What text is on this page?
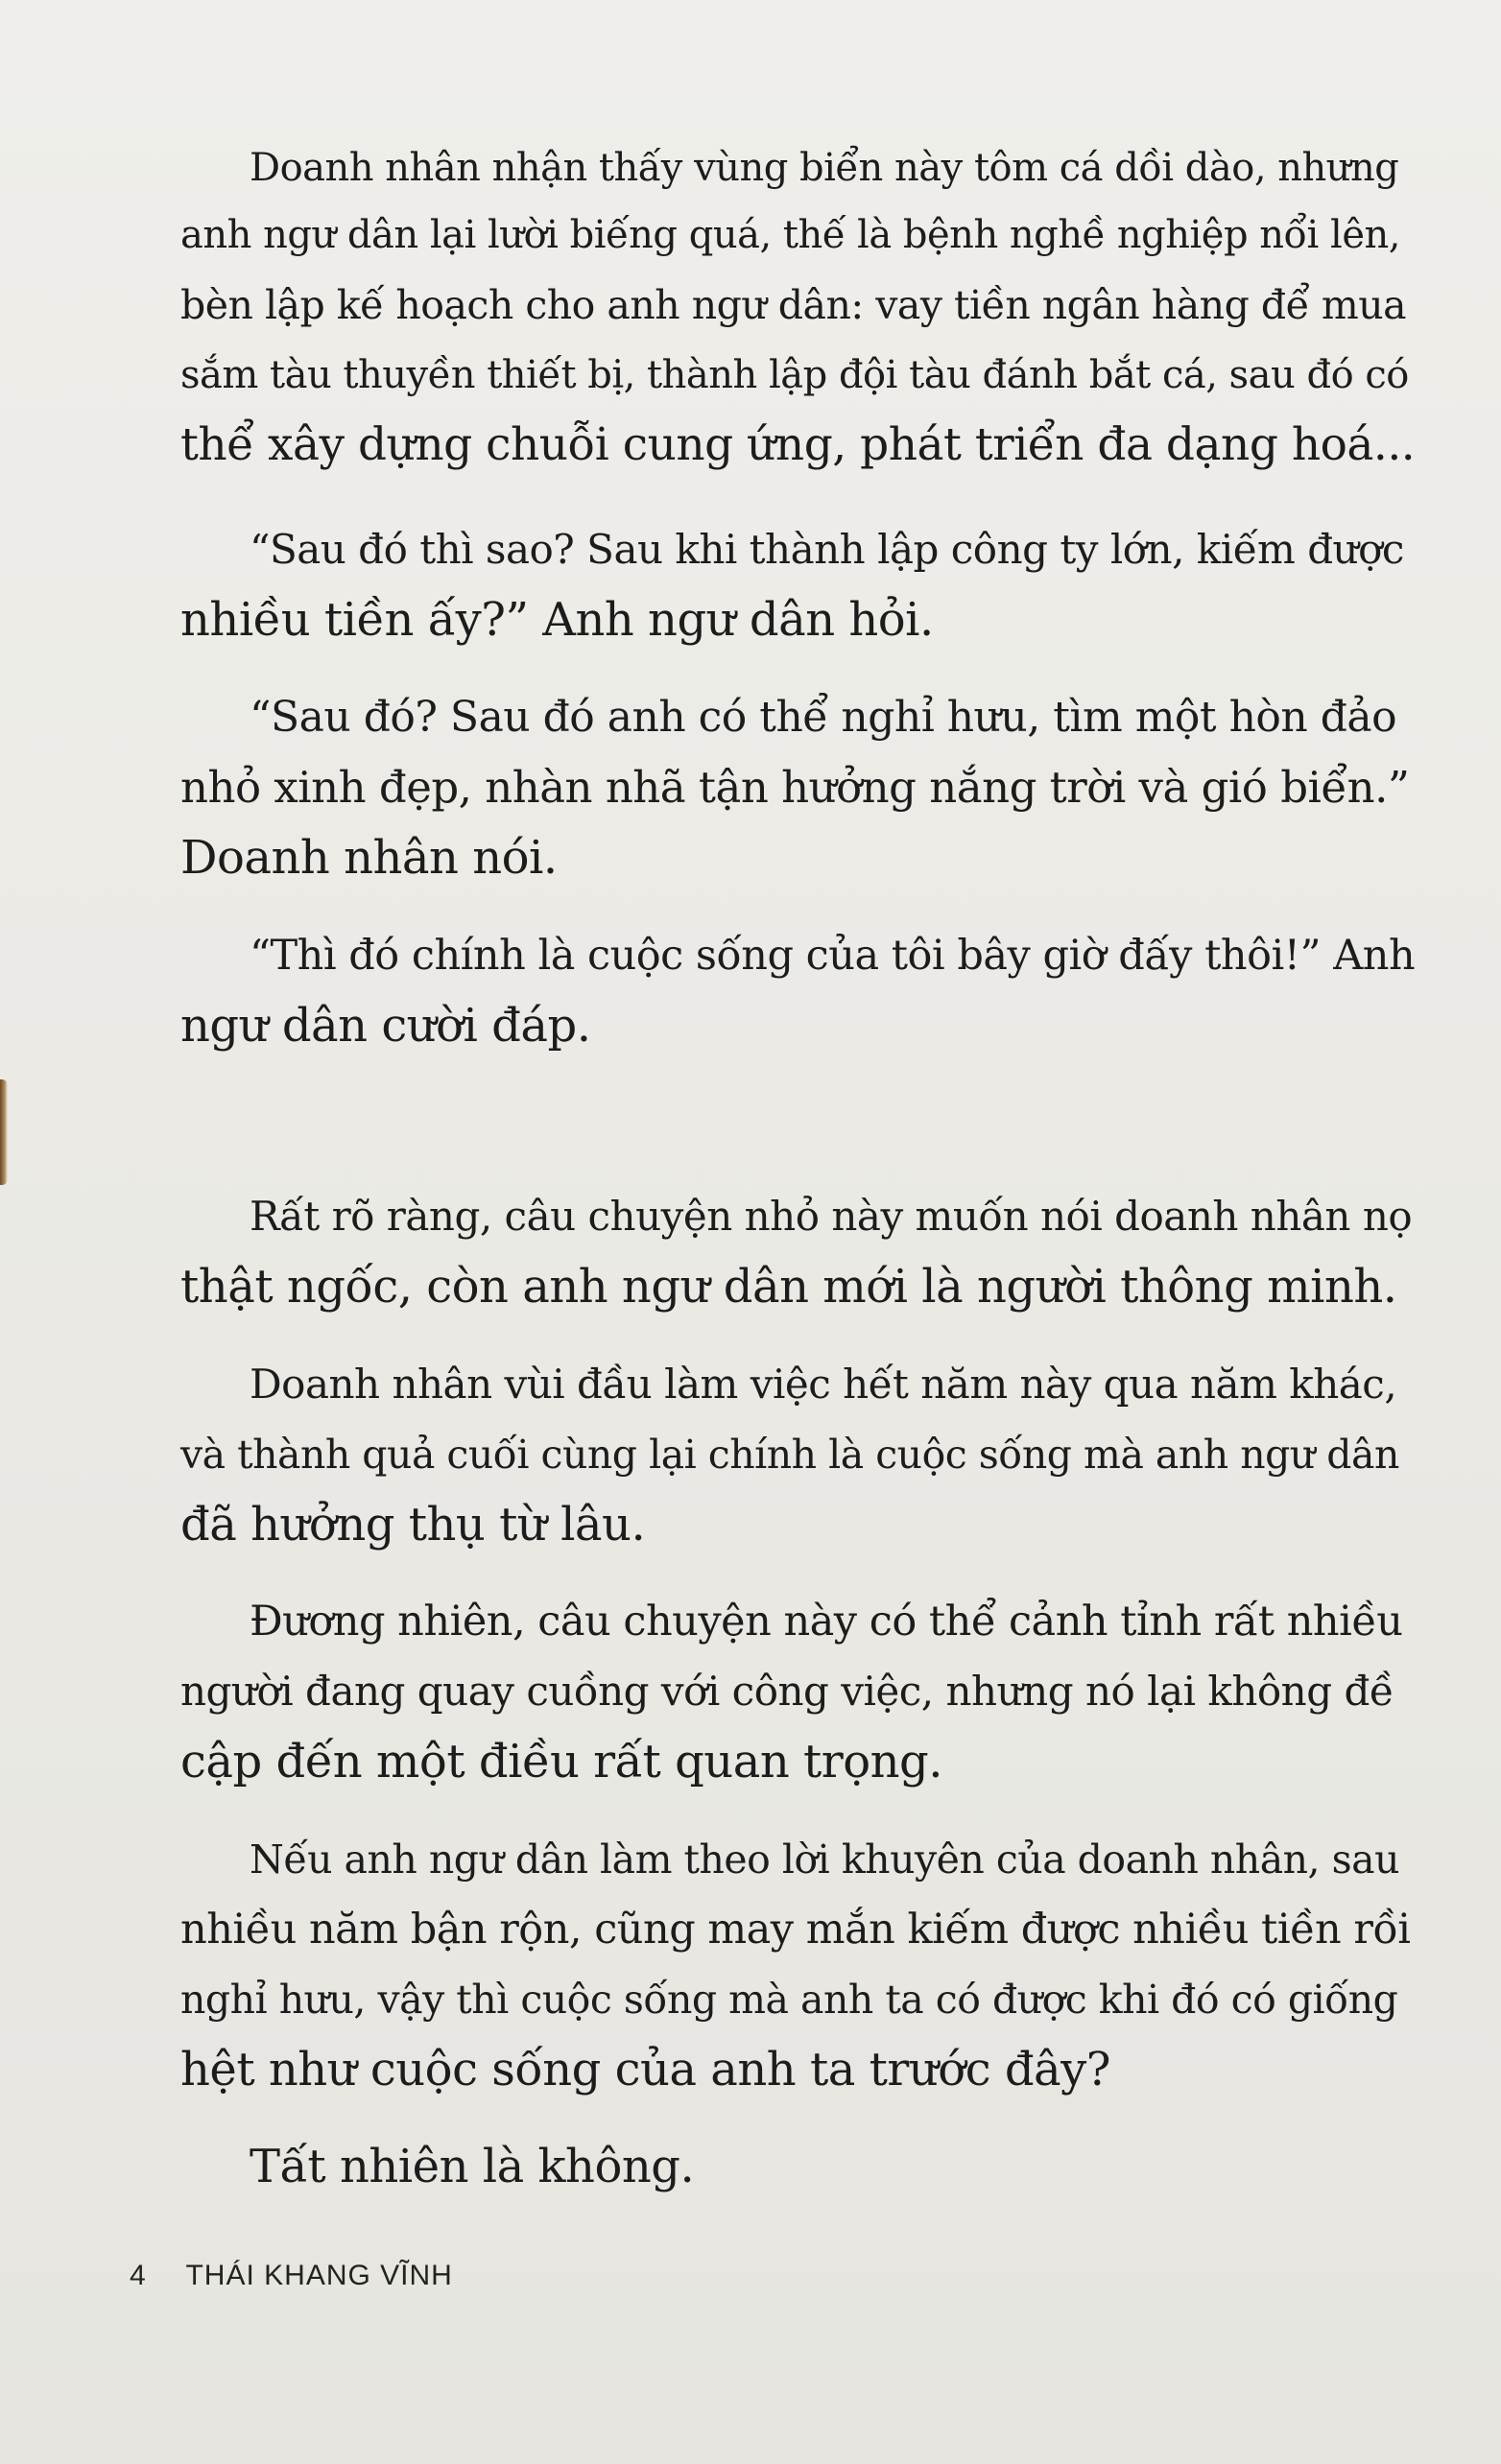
Doanh nhân nhận thấy vùng biển này tôm cá dồi dào, nhưng
anh ngư dân lại lười biếng quá, thế là bệnh nghề nghiệp nổi lên,
bèn lập kế hoạch cho anh ngư dân: vay tiền ngân hàng để mua
sắm tàu thuyền thiết bị, thành lập đội tàu đánh bắt cá, sau đó có
thể xây dựng chuỗi cung ứng, phát triển đa dạng hoá...
“Sau đó thì sao? Sau khi thành lập công ty lớn, kiếm được
nhiều tiền ấy?” Anh ngư dân hỏi.
“Sau đó? Sau đó anh có thể nghỉ hưu, tìm một hòn đảo
nhỏ xinh đẹp, nhàn nhã tận hưởng nắng trời và gió biển.”
Doanh nhân nói.
“Thì đó chính là cuộc sống của tôi bây giờ đấy thôi!” Anh
ngư dân cười đáp.
Rất rõ ràng, câu chuyện nhỏ này muốn nói doanh nhân nọ
thật ngốc, còn anh ngư dân mới là người thông minh.
Doanh nhân vùi đầu làm việc hết năm này qua năm khác,
và thành quả cuối cùng lại chính là cuộc sống mà anh ngư dân
đã hưởng thụ từ lâu.
Đương nhiên, câu chuyện này có thể cảnh tỉnh rất nhiều
người đang quay cuồng với công việc, nhưng nó lại không đề
cập đến một điều rất quan trọng.
Nếu anh ngư dân làm theo lời khuyên của doanh nhân, sau
nhiều năm bận rộn, cũng may mắn kiếm được nhiều tiền rồi
nghỉ hưu, vậy thì cuộc sống mà anh ta có được khi đó có giống
hệt như cuộc sống của anh ta trước đây?
Tất nhiên là không.
4 THÁI KHANG VĨNH
